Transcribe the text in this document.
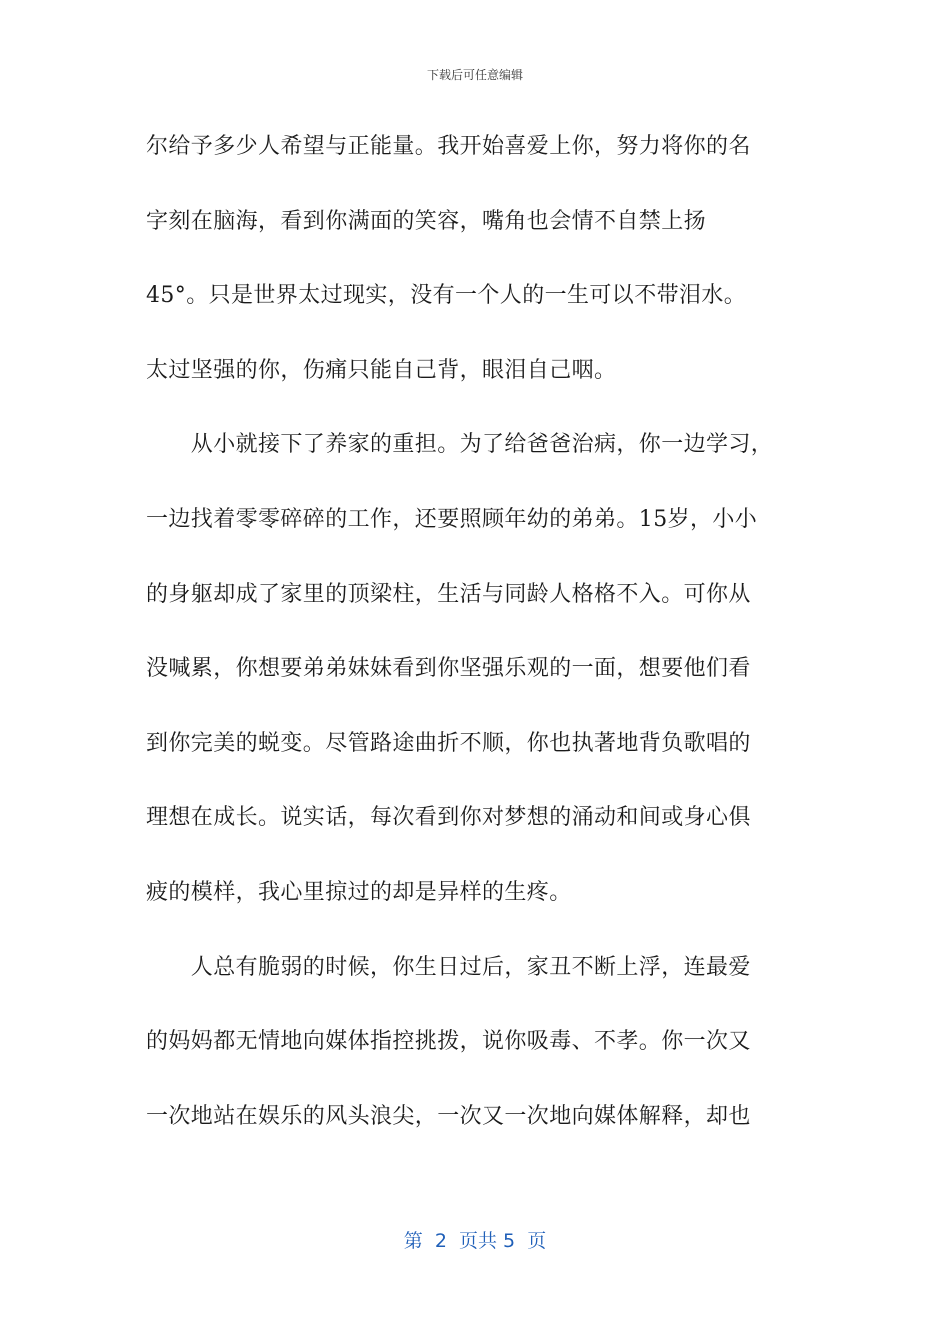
下载后可任意编辑
尔给予多少人希望与正能量。我开始喜爱上你，努力将你的名
字刻在脑海，看到你满面的笑容，嘴角也会情不自禁上扬
45°。只是世界太过现实，没有一个人的一生可以不带泪水。
太过坚强的你，伤痛只能自己背，眼泪自己咽。
　　从小就接下了养家的重担。为了给爸爸治病，你一边学习，
一边找着零零碎碎的工作，还要照顾年幼的弟弟。15岁，小小
的身躯却成了家里的顶梁柱，生活与同龄人格格不入。可你从
没喊累，你想要弟弟妹妹看到你坚强乐观的一面，想要他们看
到你完美的蜕变。尽管路途曲折不顺，你也执著地背负歌唱的
理想在成长。说实话，每次看到你对梦想的涌动和间或身心俱
疲的模样，我心里掠过的却是异样的生疼。
　　人总有脆弱的时候，你生日过后，家丑不断上浮，连最爱
的妈妈都无情地向媒体指控挑拨，说你吸毒、不孝。你一次又
一次地站在娱乐的风头浪尖，一次又一次地向媒体解释，却也
第  2  页共 5  页
